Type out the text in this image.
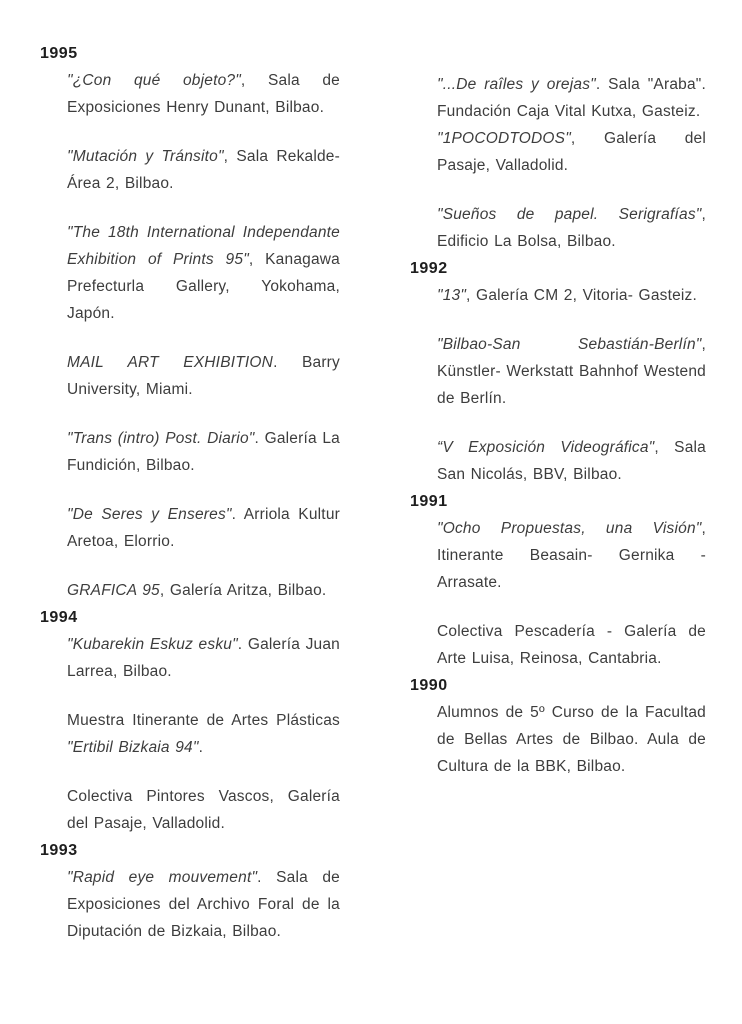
1995

"¿Con qué objeto?", Sala de Exposiciones Henry Dunant, Bilbao.

"Mutación y Tránsito", Sala Rekalde- Área 2, Bilbao.

"The 18th International Independante Exhibition of Prints 95", Kanagawa Prefecturla Gallery, Yokohama, Japón.

MAIL ART EXHIBITION. Barry University, Miami.

"Trans (intro) Post. Diario". Galería La Fundición, Bilbao.

"De Seres y Enseres". Arriola Kultur Aretoa, Elorrio.

GRAFICA 95, Galería Aritza, Bilbao.

1994

"Kubarekin Eskuz esku". Galería Juan Larrea, Bilbao.

Muestra Itinerante de Artes Plásticas "Ertibil Bizkaia 94".

Colectiva Pintores Vascos, Galería del Pasaje, Valladolid.

1993

"Rapid eye mouvement". Sala de Exposiciones del Archivo Foral de la Diputación de Bizkaia, Bilbao.

"...De raîles y orejas". Sala "Araba". Fundación Caja Vital Kutxa, Gasteiz.

"1POCODTODOS", Galería del Pasaje, Valladolid.

"Sueños de papel. Serigrafías", Edificio La Bolsa, Bilbao.

1992

"13", Galería CM 2, Vitoria- Gasteiz.

"Bilbao-San Sebastián-Berlín", Künstler- Werkstatt Bahnhof Westend de Berlín.

“V Exposición Videográfica", Sala San Nicolás, BBV, Bilbao.

1991

"Ocho Propuestas, una Visión", Itinerante Beasain- Gernika - Arrasate.

Colectiva Pescadería - Galería de Arte Luisa, Reinosa, Cantabria.

1990

Alumnos de 5º Curso de la Facultad de Bellas Artes de Bilbao. Aula de Cultura de la BBK, Bilbao.
